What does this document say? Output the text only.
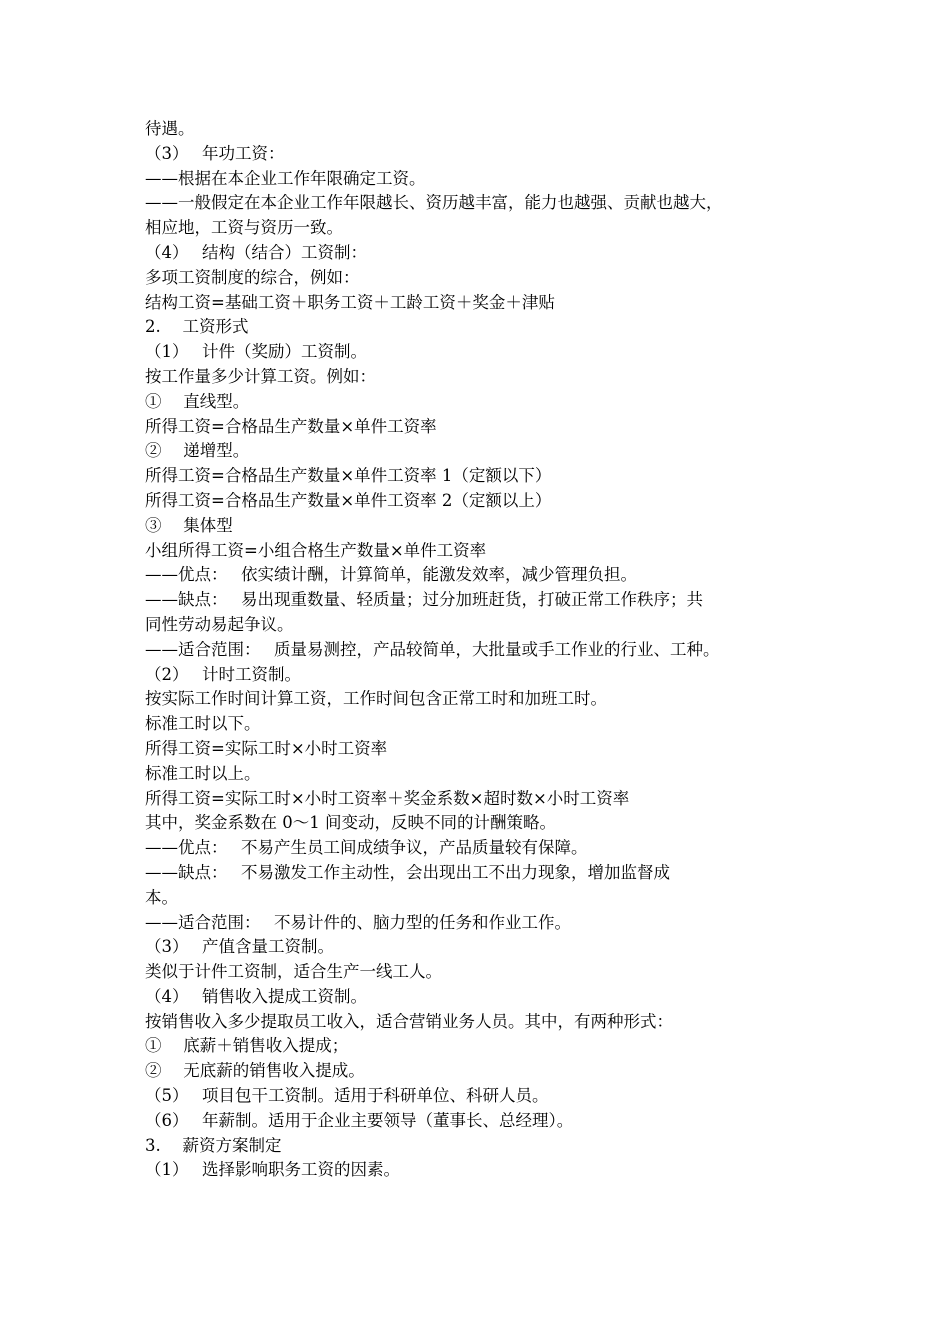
待遇。
（3）　 年功工资：
——根据在本企业工作年限确定工资。
——一般假定在本企业工作年限越长、资历越丰富，能力也越强、贡献也越大，
相应地，工资与资历一致。
（4）　 结构（结合）工资制：
多项工资制度的综合，例如：
结构工资=基础工资＋职务工资＋工龄工资＋奖金＋津贴
2.　 工资形式
（1）　 计件（奖励）工资制。
按工作量多少计算工资。例如：
①　 直线型。
所得工资=合格品生产数量×单件工资率
②　 递增型。
所得工资=合格品生产数量×单件工资率 1（定额以下）
所得工资=合格品生产数量×单件工资率 2（定额以上）
③　 集体型
小组所得工资=小组合格生产数量×单件工资率
——优点：　 依实绩计酬，计算简单，能激发效率，减少管理负担。
——缺点：　 易出现重数量、轻质量；过分加班赶货，打破正常工作秩序；共
同性劳动易起争议。
——适合范围：　 质量易测控，产品较简单，大批量或手工作业的行业、工种。
（2）　 计时工资制。
按实际工作时间计算工资，工作时间包含正常工时和加班工时。
标准工时以下。
所得工资=实际工时×小时工资率
标准工时以上。
所得工资=实际工时×小时工资率＋奖金系数×超时数×小时工资率
其中，奖金系数在 0～1 间变动，反映不同的计酬策略。
——优点：　 不易产生员工间成绩争议，产品质量较有保障。
——缺点：　 不易激发工作主动性，会出现出工不出力现象，增加监督成
本。
——适合范围：　 不易计件的、脑力型的任务和作业工作。
（3）　 产值含量工资制。
类似于计件工资制，适合生产一线工人。
（4）　 销售收入提成工资制。
按销售收入多少提取员工收入，适合营销业务人员。其中，有两种形式：
①　 底薪＋销售收入提成；
②　 无底薪的销售收入提成。
（5）　 项目包干工资制。适用于科研单位、科研人员。
（6）　 年薪制。适用于企业主要领导（董事长、总经理）。
3.　 薪资方案制定
（1）　 选择影响职务工资的因素。
